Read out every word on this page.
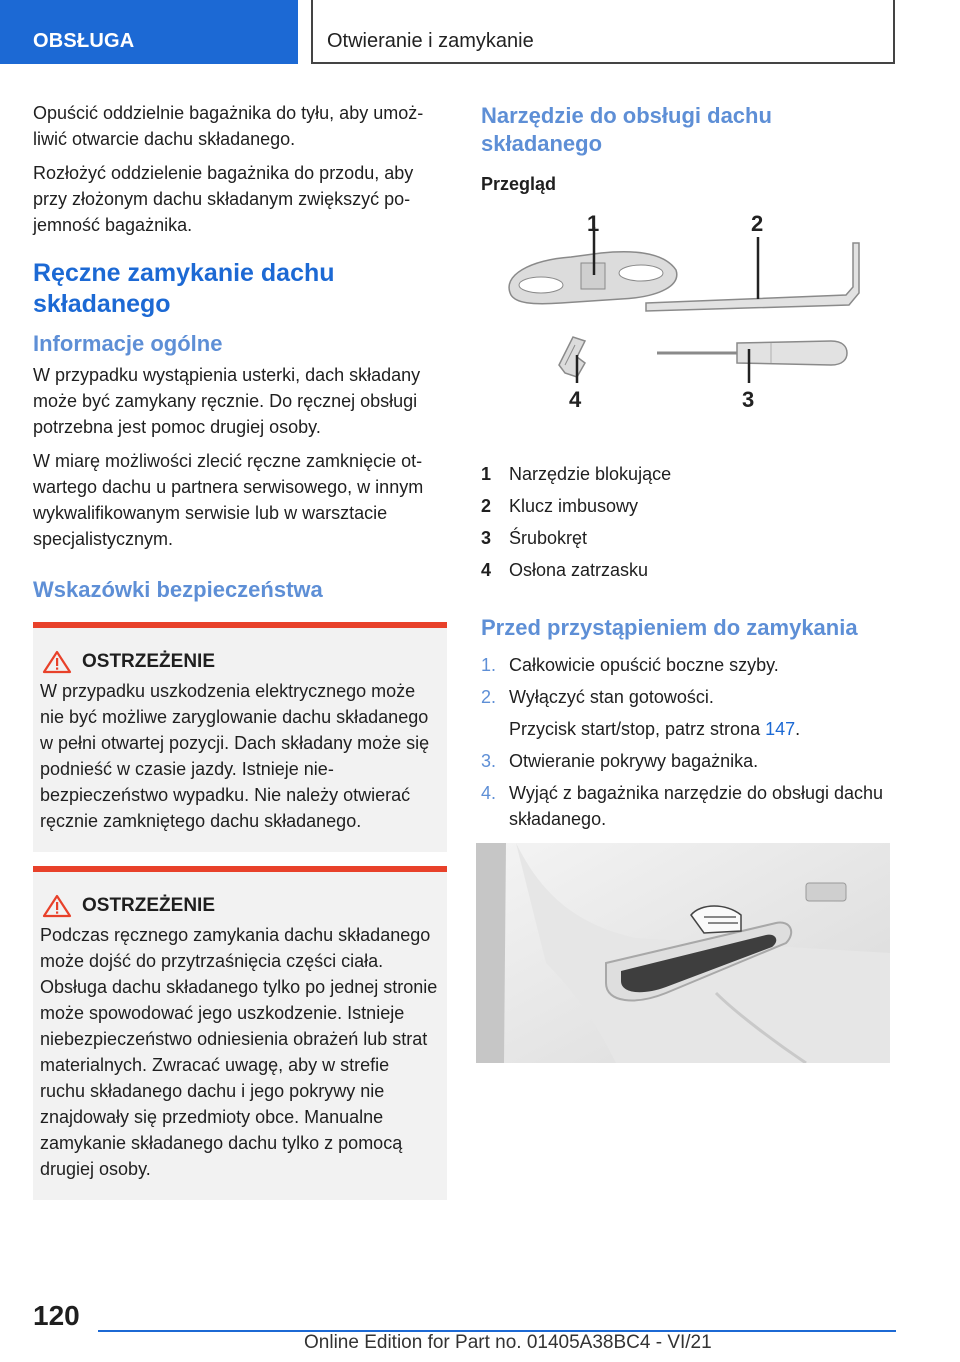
OBSŁUGA	Otwieranie i zamykanie

Opuścić oddzielnie bagażnika do tyłu, aby umożliwić otwarcie dachu składanego.

Rozłożyć oddzielenie bagażnika do przodu, aby przy złożonym dachu składanym zwiększyć pojemność bagażnika.

Ręczne zamykanie dachu składanego
Informacje ogólne

W przypadku wystąpienia usterki, dach składany może być zamykany ręcznie. Do ręcznej obsługi potrzebna jest pomoc drugiej osoby.

W miarę możliwości zlecić ręczne zamknięcie otwartego dachu u partnera serwisowego, w innym wykwalifikowanym serwisie lub w warsztacie specjalistycznym.

Wskazówki bezpieczeństwa
OSTRZEŻENIE

W przypadku uszkodzenia elektrycznego może nie być możliwe zaryglowanie dachu składanego w pełni otwartej pozycji. Dach składany może się podnieść w czasie jazdy. Istnieje niebezpieczeństwo wypadku. Nie należy otwierać ręcznie zamkniętego dachu składanego.

OSTRZEŻENIE

Podczas ręcznego zamykania dachu składanego może dojść do przytrzaśnięcia części ciała. Obsługa dachu składanego tylko po jednej stronie może spowodować jego uszkodzenie. Istnieje niebezpieczeństwo odniesienia obrażeń lub strat materialnych. Zwracać uwagę, aby w strefie ruchu składanego dachu i jego pokrywy nie znajdowały się przedmioty obce. Manualne zamykanie składanego dachu tylko z pomocą drugiej osoby.

Narzędzie do obsługi dachu składanego
Przegląd
1	2
4	3
1 Narzędzie blokujące
2 Klucz imbusowy
3 Śrubokręt
4 Osłona zatrzasku
Przed przystąpieniem do zamykania
1. Całkowicie opuścić boczne szyby.
2. Wyłączyć stan gotowości.
Przycisk start/stop, patrz strona 147.
3. Otwieranie pokrywy bagażnika.
4. Wyjąć z bagażnika narzędzie do obsługi dachu składanego.
120
Online Edition for Part no. 01405A38BC4 - VI/21
